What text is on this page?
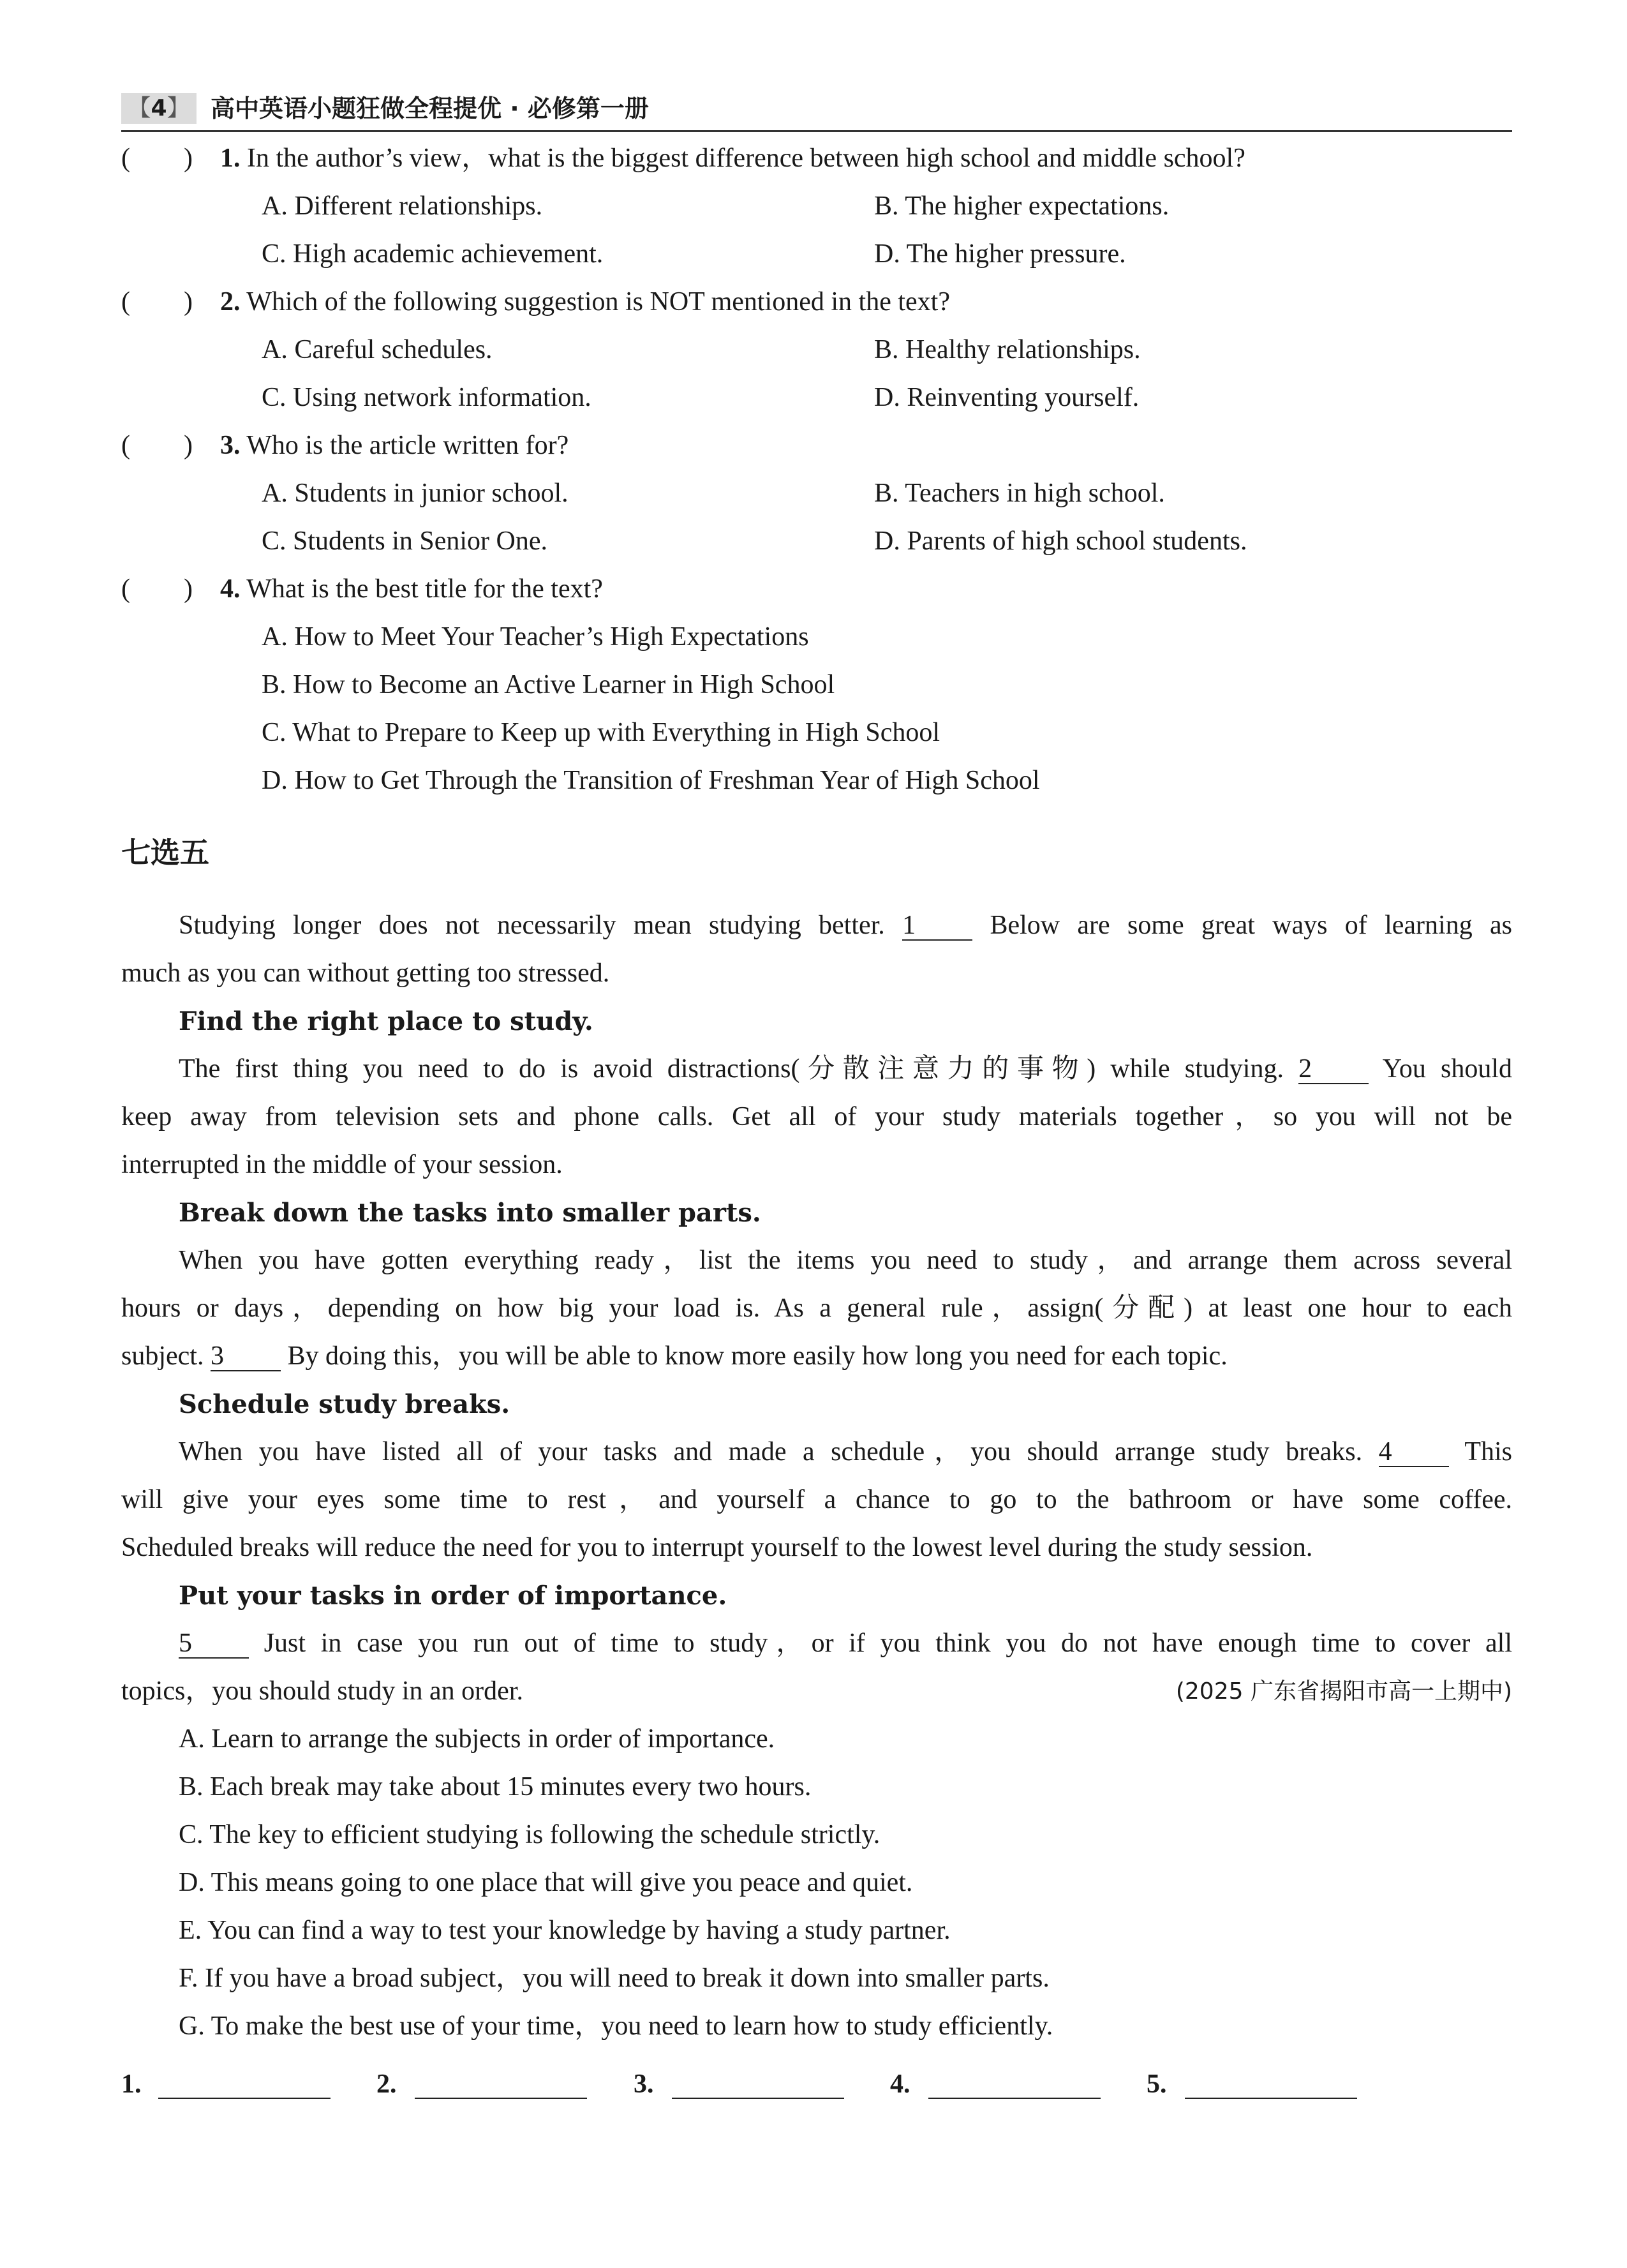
【4】 高中英语小题狂做全程提优 · 必修第一册
(　　) 1. In the author’s view，what is the biggest difference between high school and middle school?
A. Different relationships.	B. The higher expectations.
C. High academic achievement.	D. The higher pressure.
(　　) 2. Which of the following suggestion is NOT mentioned in the text?
A. Careful schedules.	B. Healthy relationships.
C. Using network information.	D. Reinventing yourself.
(　　) 3. Who is the article written for?
A. Students in junior school.	B. Teachers in high school.
C. Students in Senior One.	D. Parents of high school students.
(　　) 4. What is the best title for the text?
A. How to Meet Your Teacher’s High Expectations
B. How to Become an Active Learner in High School
C. What to Prepare to Keep up with Everything in High School
D. How to Get Through the Transition of Freshman Year of High School
七选五

Studying longer does not necessarily mean studying better. 1	Below are some great ways of learning as

much as you can without getting too stressed.

Find the right place to study.

The first thing you need to do is avoid distractions(分散注意力的事物) while studying. 2	You should

keep away from television sets and phone calls. Get all of your study materials together，so you will not be

interrupted in the middle of your session.

Break down the tasks into smaller parts.

When you have gotten everything ready，list the items you need to study，and arrange them across several

hours or days，depending on how big your load is. As a general rule，assign(分配) at least one hour to each

subject. 3 By doing this，you will be able to know more easily how long you need for each topic.

Schedule study breaks.

When you have listed all of your tasks and made a schedule，you should arrange study breaks. 4	This

will give your eyes some time to rest，and yourself a chance to go to the bathroom or have some coffee.

Scheduled breaks will reduce the need for you to interrupt yourself to the lowest level during the study session.

Put your tasks in order of importance.

5	Just in case you run out of time to study，or if you think you do not have enough time to cover all

topics，you should study in an order.	(2025 广东省揭阳市高一上期中)

A. Learn to arrange the subjects in order of importance.

B. Each break may take about 15 minutes every two hours.

C. The key to efficient studying is following the schedule strictly.

D. This means going to one place that will give you peace and quiet.

E. You can find a way to test your knowledge by having a study partner.

F. If you have a broad subject，you will need to break it down into smaller parts.

G. To make the best use of your time，you need to learn how to study efficiently.

1.	2.	3.	4.	5.
